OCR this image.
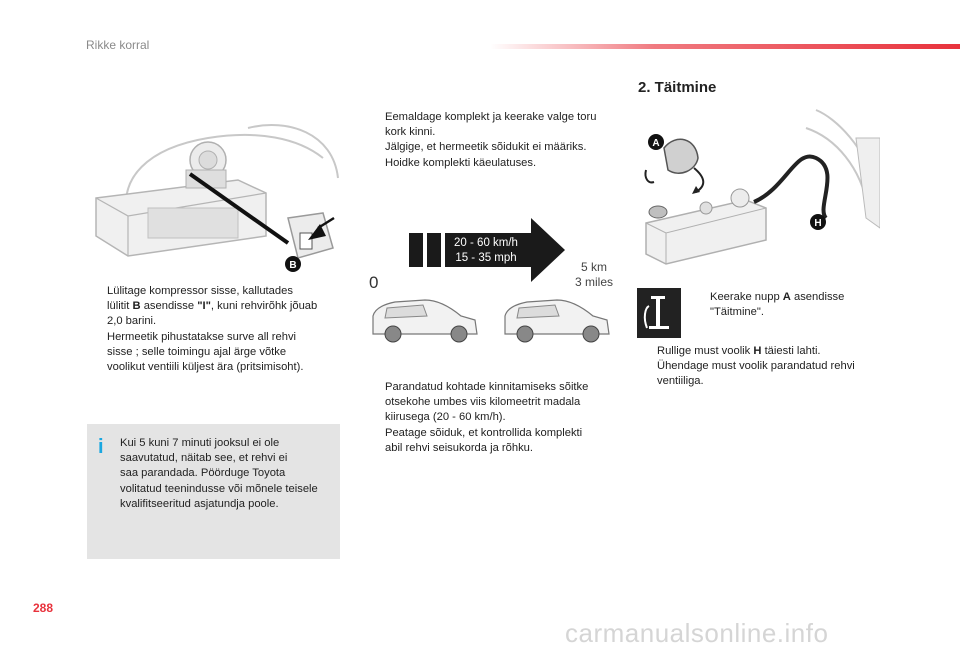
Rikke korral
2. Täitmine
B
Lülitage kompressor sisse, kallutades
lülitit B asendisse "I", kuni rehvirõhk jõuab
2,0 barini.
Hermeetik pihustatakse surve all rehvi
sisse ; selle toimingu ajal ärge võtke
voolikut ventiili küljest ära (pritsimisoht).
i Kui 5 kuni 7 minuti jooksul ei ole
saavutatud, näitab see, et rehvi ei
saa parandada. Pöörduge Toyota
volitatud teenindusse või mõnele teisele
kvalifitseeritud asjatundja poole.
Eemaldage komplekt ja keerake valge toru
kork kinni.
Jälgige, et hermeetik sõidukit ei määriks.
Hoidke komplekti käeulatuses.
20 - 60 km/h
15 - 35 mph
0
5 km
3 miles
Parandatud kohtade kinnitamiseks sõitke
otsekohe umbes viis kilomeetrit madala
kiirusega (20 - 60 km/h).
Peatage sõiduk, et kontrollida komplekti
abil rehvi seisukorda ja rõhku.
A
H
Keerake nupp A asendisse
"Täitmine".
Rullige must voolik H täiesti lahti.
Ühendage must voolik parandatud rehvi
ventiiliga.
288
carmanualsonline.info
